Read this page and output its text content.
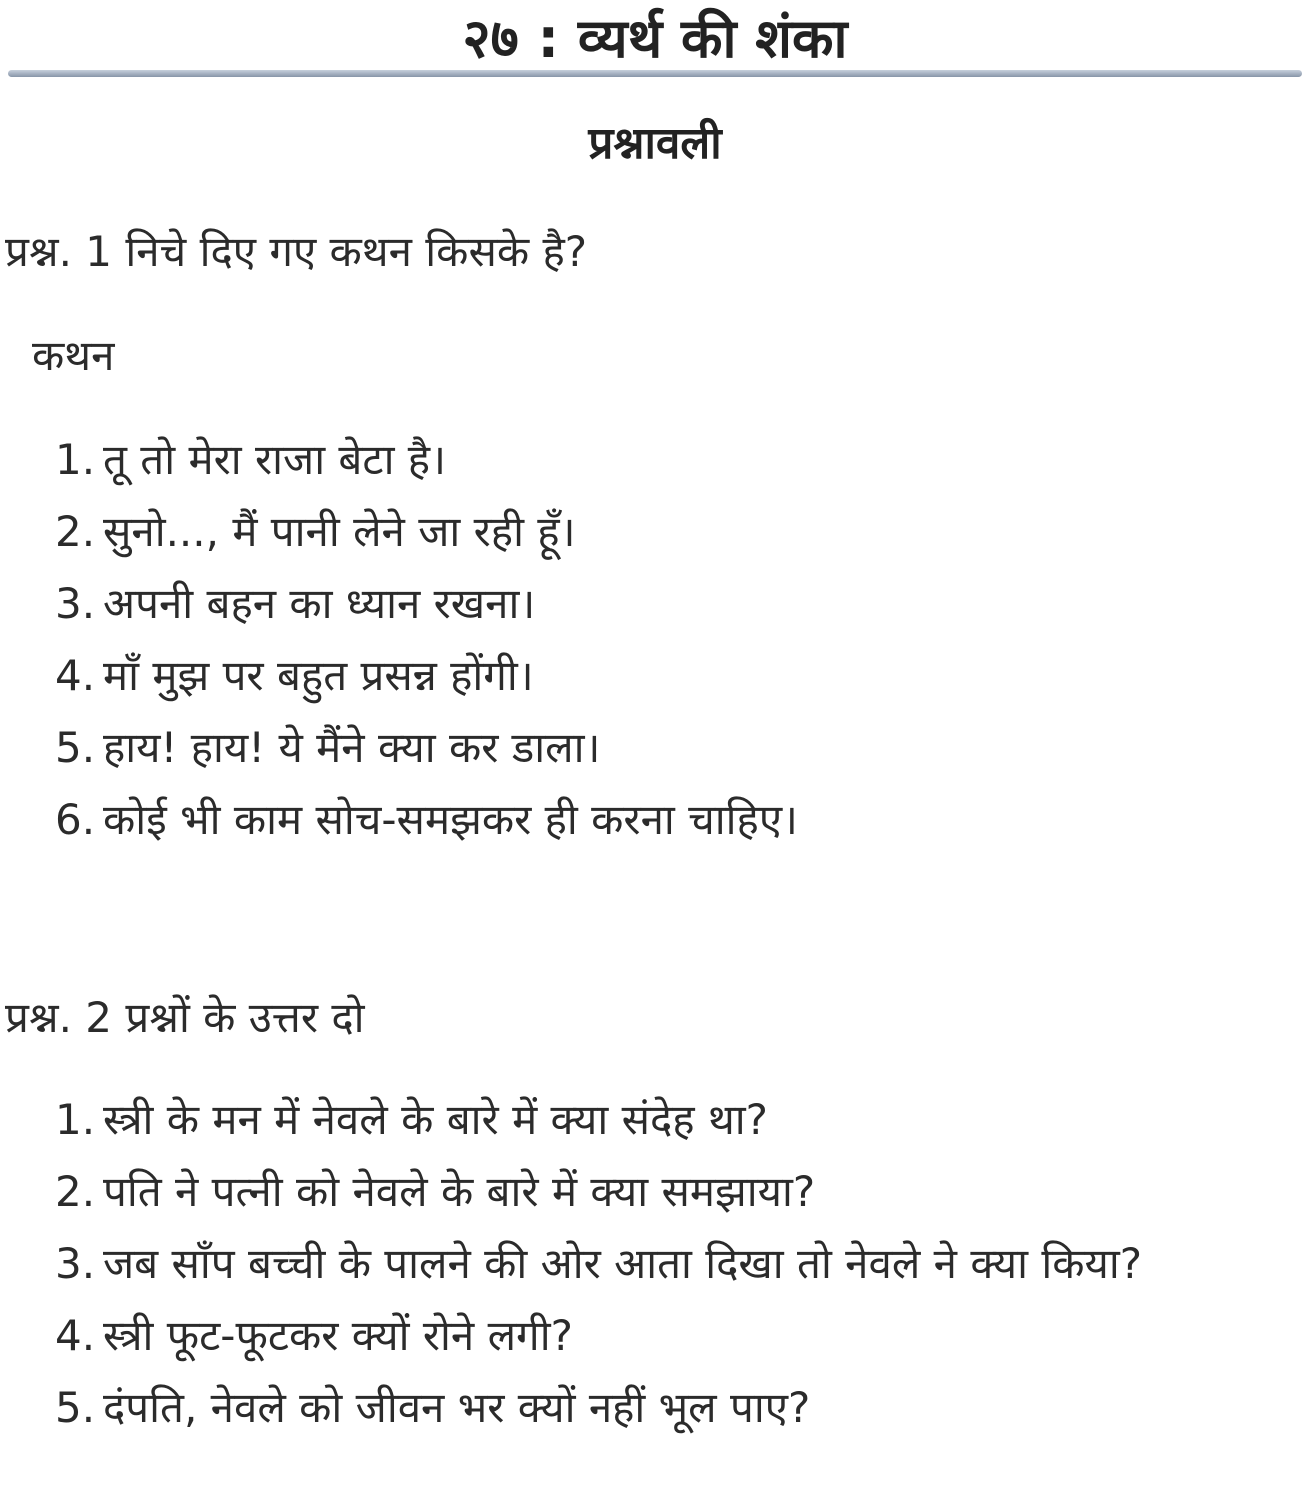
२७ : व्यर्थ की शंका
प्रश्नावली
प्रश्न. 1 निचे दिए गए कथन किसके है?
कथन
1. तू तो मेरा राजा बेटा है।
2. सुनो..., मैं पानी लेने जा रही हूँ।
3. अपनी बहन का ध्यान रखना।
4. माँ मुझ पर बहुत प्रसन्न होंगी।
5. हाय! हाय! ये मैंने क्या कर डाला।
6. कोई भी काम सोच-समझकर ही करना चाहिए।
प्रश्न. 2 प्रश्नों के उत्तर दो
1. स्त्री के मन में नेवले के बारे में क्या संदेह था?
2. पति ने पत्नी को नेवले के बारे में क्या समझाया?
3. जब साँप बच्ची के पालने की ओर आता दिखा तो नेवले ने क्या किया?
4. स्त्री फूट-फूटकर क्यों रोने लगी?
5. दंपति, नेवले को जीवन भर क्यों नहीं भूल पाए?
